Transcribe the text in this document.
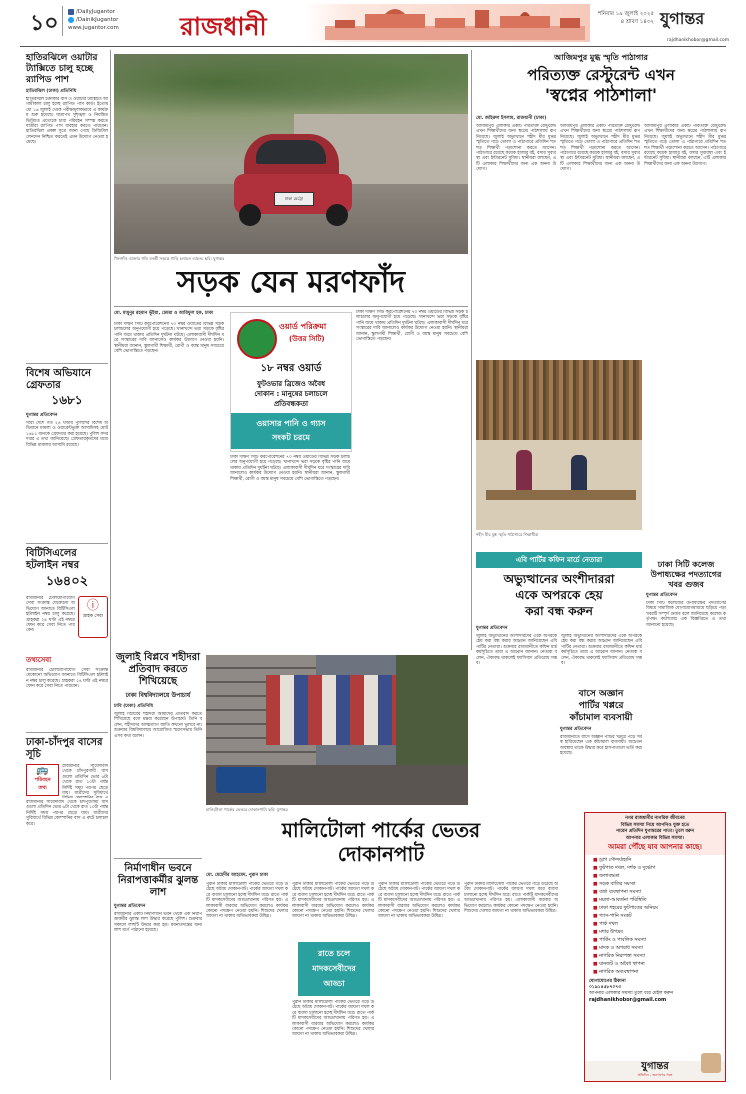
১০	/DailyJugantor
/DainikJugantor
www.jugantor.com রাজধানী	শনিবার ১৯ জুলাই ২০২৫
৪ শ্রাবণ ১৪৩২ যুগান্তর
rajdhanikhobor@gmail.com
হাতিরঝিলে ওয়াটার ট্যাক্সিতে চালু হচ্ছে র‍্যাপিড পাশ
হাতিরঝিল (ঢাকা) প্রতিনিধি
হাতিরঝিল চক্রাকার বাস ও ওয়াটার ট্যাক্সিতে আগামীকাল চালু হচ্ছে র‍্যাপিড পাস কার্ড। ইতোমধ্যে ১৬ জুলাই থেকে পরীক্ষামূলকভাবে এ কার্যক্রম শুরু হয়েছে। যাত্রাপথ সুশৃঙ্খল ও নিয়ন্ত্রিত ভিত্তিতে প্রত্যেকে চাবা পরিবহন সম্পন্ন করতে যাত্রীরা র‍্যাপিড পাস ব্যবহার করতে পারবেন। হাতিরঝিল প্রকল্প সূত্রে জানা গেছে ডিজিটাল লেনদেন নিশ্চিত করতেই এমন উদ্যোগ নেওয়া হয়েছে।
বিশেষ অভিযানে গ্রেফতার
১৬৮১
যুগান্তর প্রতিবেদন
সারা দেশে গত ২৪ ঘণ্টায় পুলিশের বিশেষ অভিযানে মামলা ও ওয়ারেন্টভুক্ত আসামিসহ মোট ১৬৮১ জনকে গ্রেফতার করা হয়েছে। পুলিশ সদর দপ্তর এ তথ্য জানিয়েছে। গ্রেফতারকৃতদের মধ্যে বিভিন্ন মামলার আসামি রয়েছে।
বিটিসিএলের হটলাইন নম্বর
১৬৪০২
রাজধানীর টেলিযোগাযোগ সেবা সংক্রান্ত যেকোনো অভিযোগ জানাতে বিটিসিএল হটলাইন নম্বর চালু করেছে। গ্রাহকরা ২৪ ঘণ্টা এই নম্বরে ফোন করে সেবা নিতে পারবেন।
ⓘ
গ্রাহক সেবা
তথ্যসেবা
রাজধানীর টেলিযোগাযোগ সেবা সংক্রান্ত যেকোনো অভিযোগ জানাতে বিটিসিএল হটলাইন নম্বর চালু করেছে। গ্রাহকরা ২৪ ঘণ্টা এই নম্বরে ফোন করে সেবা নিতে পারবেন।
ঢাকা-চাঁদপুর বাসের সূচি
🚌
পরিবহন
তথ্য
রাজধানীর সায়েদাবাদ থেকে চাঁদপুরগামী বাসগুলো প্রতিদিন ভোর ৬টা থেকে রাত ১০টা পর্যন্ত নির্দিষ্ট সময় পরপর ছেড়ে যায়। যাত্রীদের সুবিধার্থে
রাজধানীর সায়েদাবাদ থেকে চাঁদপুরগামী বাসগুলো প্রতিদিন ভোর ৬টা থেকে রাত ১০টা পর্যন্ত নির্দিষ্ট সময় পরপর ছেড়ে যায়। যাত্রীদের সুবিধার্থে বিভিন্ন কোম্পানির বাস এ রুটে চলাচল করে।
ঢাকা মেট্রো
খিলগাঁও ডাক্তার গলি বনশ্রী সড়কে গাড়ি চলাচল ব্যাহত। ছবি: যুগান্তর
সড়ক যেন মরণফাঁদ
মো. মামুনুর রহমান ভূঁইয়া, ঢেমরা ও আরিফুল হক, ঢাকা
ঢাকা দক্ষিণ সিটি করপোরেশনের ৭০ নম্বর ওয়ার্ডের বিভিন্ন সড়ক চলাচলের অনুপযোগী হয়ে পড়েছে। খানাখন্দে ভরা সড়কে বৃষ্টির পানি জমে থাকায় প্রতিদিন দুর্ঘটনা ঘটছে। এলাকাবাসী দীর্ঘদিন ধরে সংস্কারের দাবি জানালেও কার্যকর উদ্যোগ নেওয়া হয়নি। স্থানীয়রা জানান, স্কুলগামী শিক্ষার্থী, রোগী ও বয়স্ক মানুষ সবচেয়ে বেশি ভোগান্তিতে পড়ছেন।
ওয়ার্ড পরিক্রমা
(উত্তর সিটি)
১৮ নম্বর ওয়ার্ড
ফুটওভার ব্রিজেও অবৈধ
দোকান : মানুষের চলাচলে
প্রতিবন্ধকতা
ওয়াসার পানি ও গ্যাস
সংকট চরমে
ঢাকা দক্ষিণ সিটি করপোরেশনের ৭০ নম্বর ওয়ার্ডের বিভিন্ন সড়ক চলাচলের অনুপযোগী হয়ে পড়েছে। খানাখন্দে ভরা সড়কে বৃষ্টির পানি জমে থাকায় প্রতিদিন দুর্ঘটনা ঘটছে। এলাকাবাসী দীর্ঘদিন ধরে সংস্কারের দাবি জানালেও কার্যকর উদ্যোগ নেওয়া হয়নি। স্থানীয়রা জানান, স্কুলগামী শিক্ষার্থী, রোগী ও বয়স্ক মানুষ সবচেয়ে বেশি ভোগান্তিতে পড়ছেন।
ঢাকা দক্ষিণ সিটি করপোরেশনের ৭০ নম্বর ওয়ার্ডের বিভিন্ন সড়ক চলাচলের অনুপযোগী হয়ে পড়েছে। খানাখন্দে ভরা সড়কে বৃষ্টির পানি জমে থাকায় প্রতিদিন দুর্ঘটনা ঘটছে। এলাকাবাসী দীর্ঘদিন ধরে সংস্কারের দাবি জানালেও কার্যকর উদ্যোগ নেওয়া হয়নি। স্থানীয়রা জানান, স্কুলগামী শিক্ষার্থী, রোগী ও বয়স্ক মানুষ সবচেয়ে বেশি ভোগান্তিতে পড়ছেন।
আজিমপুর মুগ্ধ স্মৃতি পাঠাগার
পরিত্যক্ত রেস্টুরেন্ট এখন
'স্বপ্নের পাঠশালা'
মো. জহিরুল ইসলাম, রাজধানী (ঢাকা)
আজিমপুর এলাকার একটি পরিত্যক্ত রেস্টুরেন্ট এখন শিক্ষার্থীদের জন্য স্বপ্নের পাঠশালায় রূপ নিয়েছে। জুলাই অভ্যুত্থানে শহীদ মীর মুগ্ধর স্মৃতিতে গড়ে তোলা এ পাঠাগারে প্রতিদিন শত শত শিক্ষার্থী পড়াশোনা করতে আসেন। পাঠাগারে রয়েছে কয়েক হাজার বই, বসার সুব্যবস্থা এবং ইন্টারনেট সুবিধা। স্থানীয়রা বলছেন, এটি এলাকার শিক্ষার্থীদের জন্য এক অনন্য উদ্যোগ।
আজিমপুর এলাকার একটি পরিত্যক্ত রেস্টুরেন্ট এখন শিক্ষার্থীদের জন্য স্বপ্নের পাঠশালায় রূপ নিয়েছে। জুলাই অভ্যুত্থানে শহীদ মীর মুগ্ধর স্মৃতিতে গড়ে তোলা এ পাঠাগারে প্রতিদিন শত শত শিক্ষার্থী পড়াশোনা করতে আসেন। পাঠাগারে রয়েছে কয়েক হাজার বই, বসার সুব্যবস্থা এবং ইন্টারনেট সুবিধা। স্থানীয়রা বলছেন, এটি এলাকার শিক্ষার্থীদের জন্য এক অনন্য উদ্যোগ।
আজিমপুর এলাকার একটি পরিত্যক্ত রেস্টুরেন্ট এখন শিক্ষার্থীদের জন্য স্বপ্নের পাঠশালায় রূপ নিয়েছে। জুলাই অভ্যুত্থানে শহীদ মীর মুগ্ধর স্মৃতিতে গড়ে তোলা এ পাঠাগারে প্রতিদিন শত শত শিক্ষার্থী পড়াশোনা করতে আসেন। পাঠাগারে রয়েছে কয়েক হাজার বই, বসার সুব্যবস্থা এবং ইন্টারনেট সুবিধা। স্থানীয়রা বলছেন, এটি এলাকার শিক্ষার্থীদের জন্য এক অনন্য উদ্যোগ।
শহীদ মীর মুগ্ধ স্মৃতি পাঠাগারে শিক্ষার্থীরা
ঢাকা সিটি কলেজ উপাধ্যক্ষের পদত্যাগের খবর গুজব
যুগান্তর প্রতিবেদন
ঢাকা সিটি কলেজের উপাধ্যক্ষের পদত্যাগের বিষয়ে সামাজিক যোগাযোগমাধ্যমে ছড়িয়ে পড়া খবরটি সম্পূর্ণ গুজব বলে জানিয়েছে কলেজ কর্তৃপক্ষ। কলেজের এক বিজ্ঞপ্তিতে এ তথ্য জানানো হয়েছে।
এবি পার্টির কফিন মার্চে নেতারা
অভ্যুত্থানের অংশীদাররা
একে অপরকে হেয়
করা বন্ধ করুন
যুগান্তর প্রতিবেদন
জুলাই অভ্যুত্থানের অংশীদারদের একে অপরকে হেয় করা বন্ধ করার আহ্বান জানিয়েছেন এবি পার্টির নেতারা। শুক্রবার রাজধানীতে কফিন মার্চ কর্মসূচিতে তারা এ আহ্বান জানান। নেতারা বলেন, ঐক্যবদ্ধ থাকলেই ফ্যাসিবাদ প্রতিরোধ সম্ভব।
জুলাই অভ্যুত্থানের অংশীদারদের একে অপরকে হেয় করা বন্ধ করার আহ্বান জানিয়েছেন এবি পার্টির নেতারা। শুক্রবার রাজধানীতে কফিন মার্চ কর্মসূচিতে তারা এ আহ্বান জানান। নেতারা বলেন, ঐক্যবদ্ধ থাকলেই ফ্যাসিবাদ প্রতিরোধ সম্ভব।
বাসে অজ্ঞান
পার্টির খপ্পরে
কাঁচামাল ব্যবসায়ী
যুগান্তর প্রতিবেদন
রাজধানীতে বাসে অজ্ঞান পার্টির খপ্পরে পড়ে সর্বস্ব হারিয়েছেন এক কাঁচামাল ব্যবসায়ী। অচেতন অবস্থায় তাকে উদ্ধার করে হাসপাতালে ভর্তি করা হয়েছে।
জুলাই বিপ্লবে শহীদরা প্রতিবাদ করতে শিখিয়েছে
ঢাকা বিশ্ববিদ্যালয়ে উপাচার্য
ঢাবি (ঢাকা) প্রতিনিধি
জুলাই বিপ্লবের শহীদরা আমাদের প্রতিবাদ করতে শিখিয়েছে বলে মন্তব্য করেছেন উপাচার্য। তিনি বলেন, শহীদদের আত্মত্যাগ জাতি কখনো ভুলবে না। শুক্রবার বিশ্ববিদ্যালয়ে আয়োজিত স্মরণসভায় তিনি এসব কথা বলেন।
মালিটোলা পার্কের ভেতরে দোকানপাট। ছবি: যুগান্তর
মালিটোলা পার্কের ভেতর
দোকানপাট
নির্মাণাধীন ভবনে নিরাপত্তাকর্মীর ঝুলন্ত লাশ
যুগান্তর প্রতিবেদন
রাজধানীর একটি নির্মাণাধীন ভবন থেকে এক নিরাপত্তাকর্মীর ঝুলন্ত লাশ উদ্ধার করেছে পুলিশ। শুক্রবার সকালে লাশটি উদ্ধার করা হয়। ময়নাতদন্তের জন্য লাশ মর্গে পাঠানো হয়েছে।
মো. মেহেদীর আহমেদ, পুরান ঢাকা
পুরান ঢাকার মালিটোলা পার্কের ভেতরে গড়ে উঠেছে অবৈধ দোকানপাট। পার্কের জায়গা দখল করে ব্যবসা চালানো হচ্ছে দীর্ঘদিন ধরে। রাতে পার্কটি মাদকসেবীদের আড্ডাখানায় পরিণত হয়। এলাকাবাসী বারবার অভিযোগ করলেও কার্যকর কোনো পদক্ষেপ নেওয়া হয়নি। শিশুদের খেলার জায়গা না থাকায় অভিভাবকরা উদ্বিগ্ন।
পুরান ঢাকার মালিটোলা পার্কের ভেতরে গড়ে উঠেছে অবৈধ দোকানপাট। পার্কের জায়গা দখল করে ব্যবসা চালানো হচ্ছে দীর্ঘদিন ধরে। রাতে পার্কটি মাদকসেবীদের আড্ডাখানায় পরিণত হয়। এলাকাবাসী বারবার অভিযোগ করলেও কার্যকর কোনো পদক্ষেপ নেওয়া হয়নি। শিশুদের খেলার জায়গা না থাকায় অভিভাবকরা উদ্বিগ্ন।
রাতে চলে
মাদকসেবীদের
আড্ডা
পুরান ঢাকার মালিটোলা পার্কের ভেতরে গড়ে উঠেছে অবৈধ দোকানপাট। পার্কের জায়গা দখল করে ব্যবসা চালানো হচ্ছে দীর্ঘদিন ধরে। রাতে পার্কটি মাদকসেবীদের আড্ডাখানায় পরিণত হয়। এলাকাবাসী বারবার অভিযোগ করলেও কার্যকর কোনো পদক্ষেপ নেওয়া হয়নি। শিশুদের খেলার জায়গা না থাকায় অভিভাবকরা উদ্বিগ্ন।
পুরান ঢাকার মালিটোলা পার্কের ভেতরে গড়ে উঠেছে অবৈধ দোকানপাট। পার্কের জায়গা দখল করে ব্যবসা চালানো হচ্ছে দীর্ঘদিন ধরে। রাতে পার্কটি মাদকসেবীদের আড্ডাখানায় পরিণত হয়। এলাকাবাসী বারবার অভিযোগ করলেও কার্যকর কোনো পদক্ষেপ নেওয়া হয়নি। শিশুদের খেলার জায়গা না থাকায় অভিভাবকরা উদ্বিগ্ন।
পুরান ঢাকার মালিটোলা পার্কের ভেতরে গড়ে উঠেছে অবৈধ দোকানপাট। পার্কের জায়গা দখল করে ব্যবসা চালানো হচ্ছে দীর্ঘদিন ধরে। রাতে পার্কটি মাদকসেবীদের আড্ডাখানায় পরিণত হয়। এলাকাবাসী বারবার অভিযোগ করলেও কার্যকর কোনো পদক্ষেপ নেওয়া হয়নি। শিশুদের খেলার জায়গা না থাকায় অভিভাবকরা উদ্বিগ্ন।
নগর রাজধানীর নাগরিক জীবনের
বিভিন্ন সমস্যা নিয়ে আপনিও যুক্ত হতে
পারেন প্রতিদিন যুগান্তরের পাতা। তুলে ধরুন
আপনার এলাকার বিভিন্ন সমস্যা।
আমরা পৌঁছে যাব আপনার কাছে।
■ ড্রাগ সৌন্দর্য্যহানি
■ ফুটপাত দখল, দর্শক ও দুর্ভোগ
■ জলাবদ্ধতা
■ সড়ক বাতির সমস্যা
■ বর্জ্য ব্যবস্থাপনা সমস্যা
■ ময়লা-আবর্জনা পরিস্থিতি
■ ঢাকা শহরের ফুটপাতের অনিয়ম
■ গ্যাস-পানি সংকট
■ পার্ক দখল
■ মশার উপদ্রব
■ পার্কিং ও পাবলিক সমস্যা
■ মাদক ও অপরাধ সমস্যা
■ নাগরিক নিরাপত্তা সমস্যা
■ যানজট ও অবৈধ স্থাপনা
■ নাগরিক অব্যবস্থাপনা
যোগাযোগের ঠিকানা
০১৯১৪৫৮৭০৭৩
আপনার এলাকার সমস্যা তুলে ধরে মেইল করুন
rajdhanikhobor@gmail.com
যুগান্তর
প্রতিদিন - জনগণের সঙ্গে
